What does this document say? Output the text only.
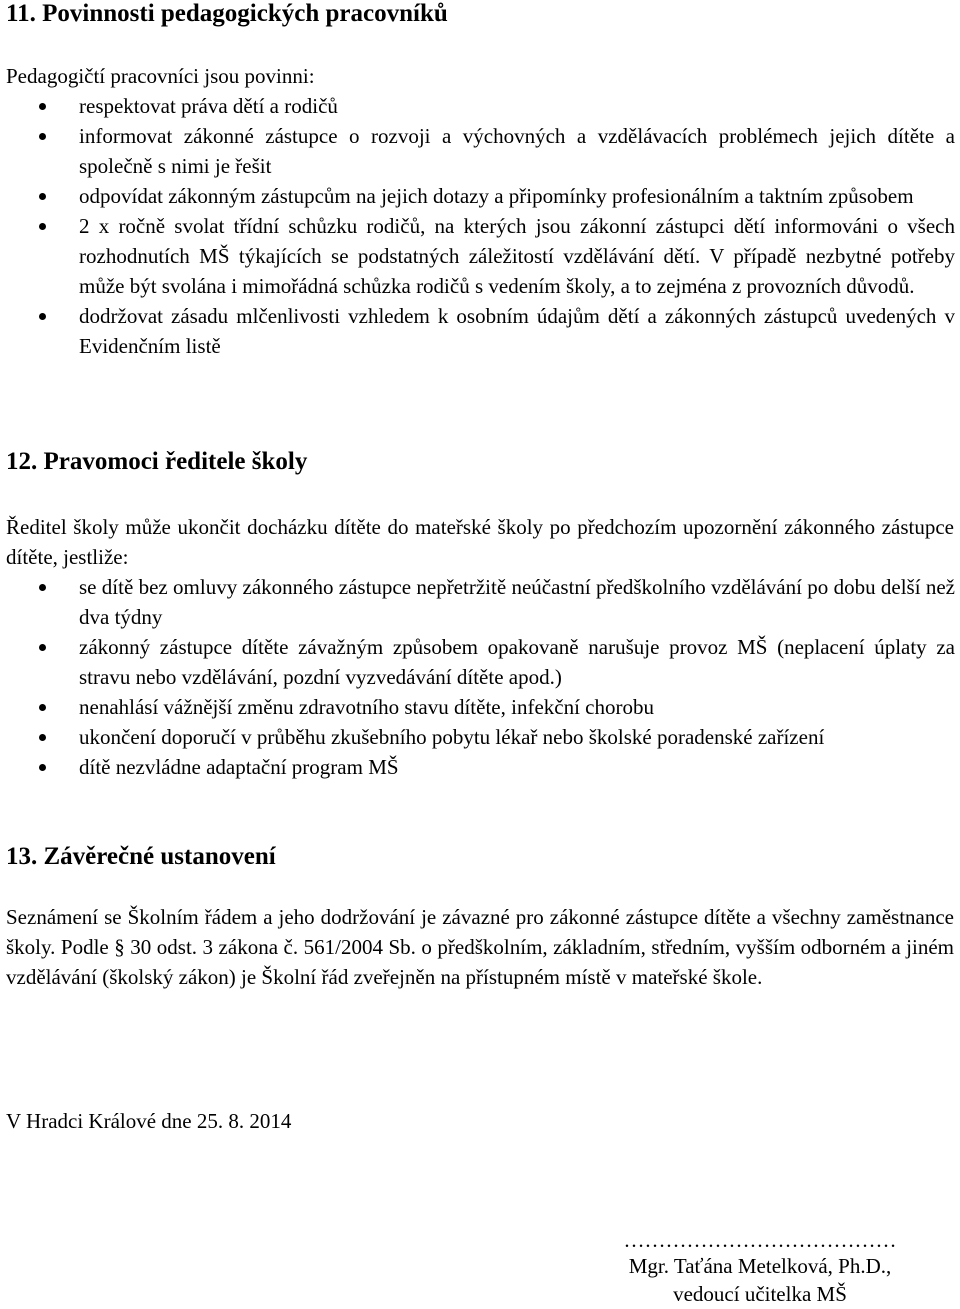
11. Povinnosti pedagogických pracovníků

Pedagogičtí pracovníci jsou povinni:

respektovat práva dětí a rodičů
informovat zákonné zástupce o rozvoji a výchovných a vzdělávacích problémech jejich dítěte a společně s nimi je řešit
odpovídat zákonným zástupcům na jejich dotazy a připomínky profesionálním a taktním způsobem
2 x ročně svolat třídní schůzku rodičů, na kterých jsou zákonní zástupci dětí informováni o všech rozhodnutích MŠ týkajících se podstatných záležitostí vzdělávání dětí. V případě nezbytné potřeby může být svolána i mimořádná schůzka rodičů s vedením školy, a to zejména z provozních důvodů.
dodržovat zásadu mlčenlivosti vzhledem k osobním údajům dětí a zákonných zástupců uvedených v Evidenčním listě
12. Pravomoci ředitele školy

Ředitel školy může ukončit docházku dítěte do mateřské školy po předchozím upozornění zákonného zástupce dítěte, jestliže:

se dítě bez omluvy zákonného zástupce nepřetržitě neúčastní předškolního vzdělávání po dobu delší než dva týdny
zákonný zástupce dítěte závažným způsobem opakovaně narušuje provoz MŠ (neplacení úplaty za stravu nebo vzdělávání, pozdní vyzvedávání dítěte apod.)
nenahlásí vážnější změnu zdravotního stavu dítěte, infekční chorobu
ukončení doporučí v průběhu zkušebního pobytu lékař nebo školské poradenské zařízení
dítě nezvládne adaptační program MŠ
13. Závěrečné ustanovení

Seznámení se Školním řádem a jeho dodržování je závazné pro zákonné zástupce dítěte a všechny zaměstnance školy. Podle § 30 odst. 3 zákona č. 561/2004 Sb. o předškolním, základním, středním, vyšším odborném a jiném vzdělávání (školský zákon) je Školní řád zveřejněn na přístupném místě v mateřské škole.

V Hradci Králové dne 25. 8. 2014

…………………………………
Mgr. Taťána Metelková, Ph.D.,
vedoucí učitelka MŠ
